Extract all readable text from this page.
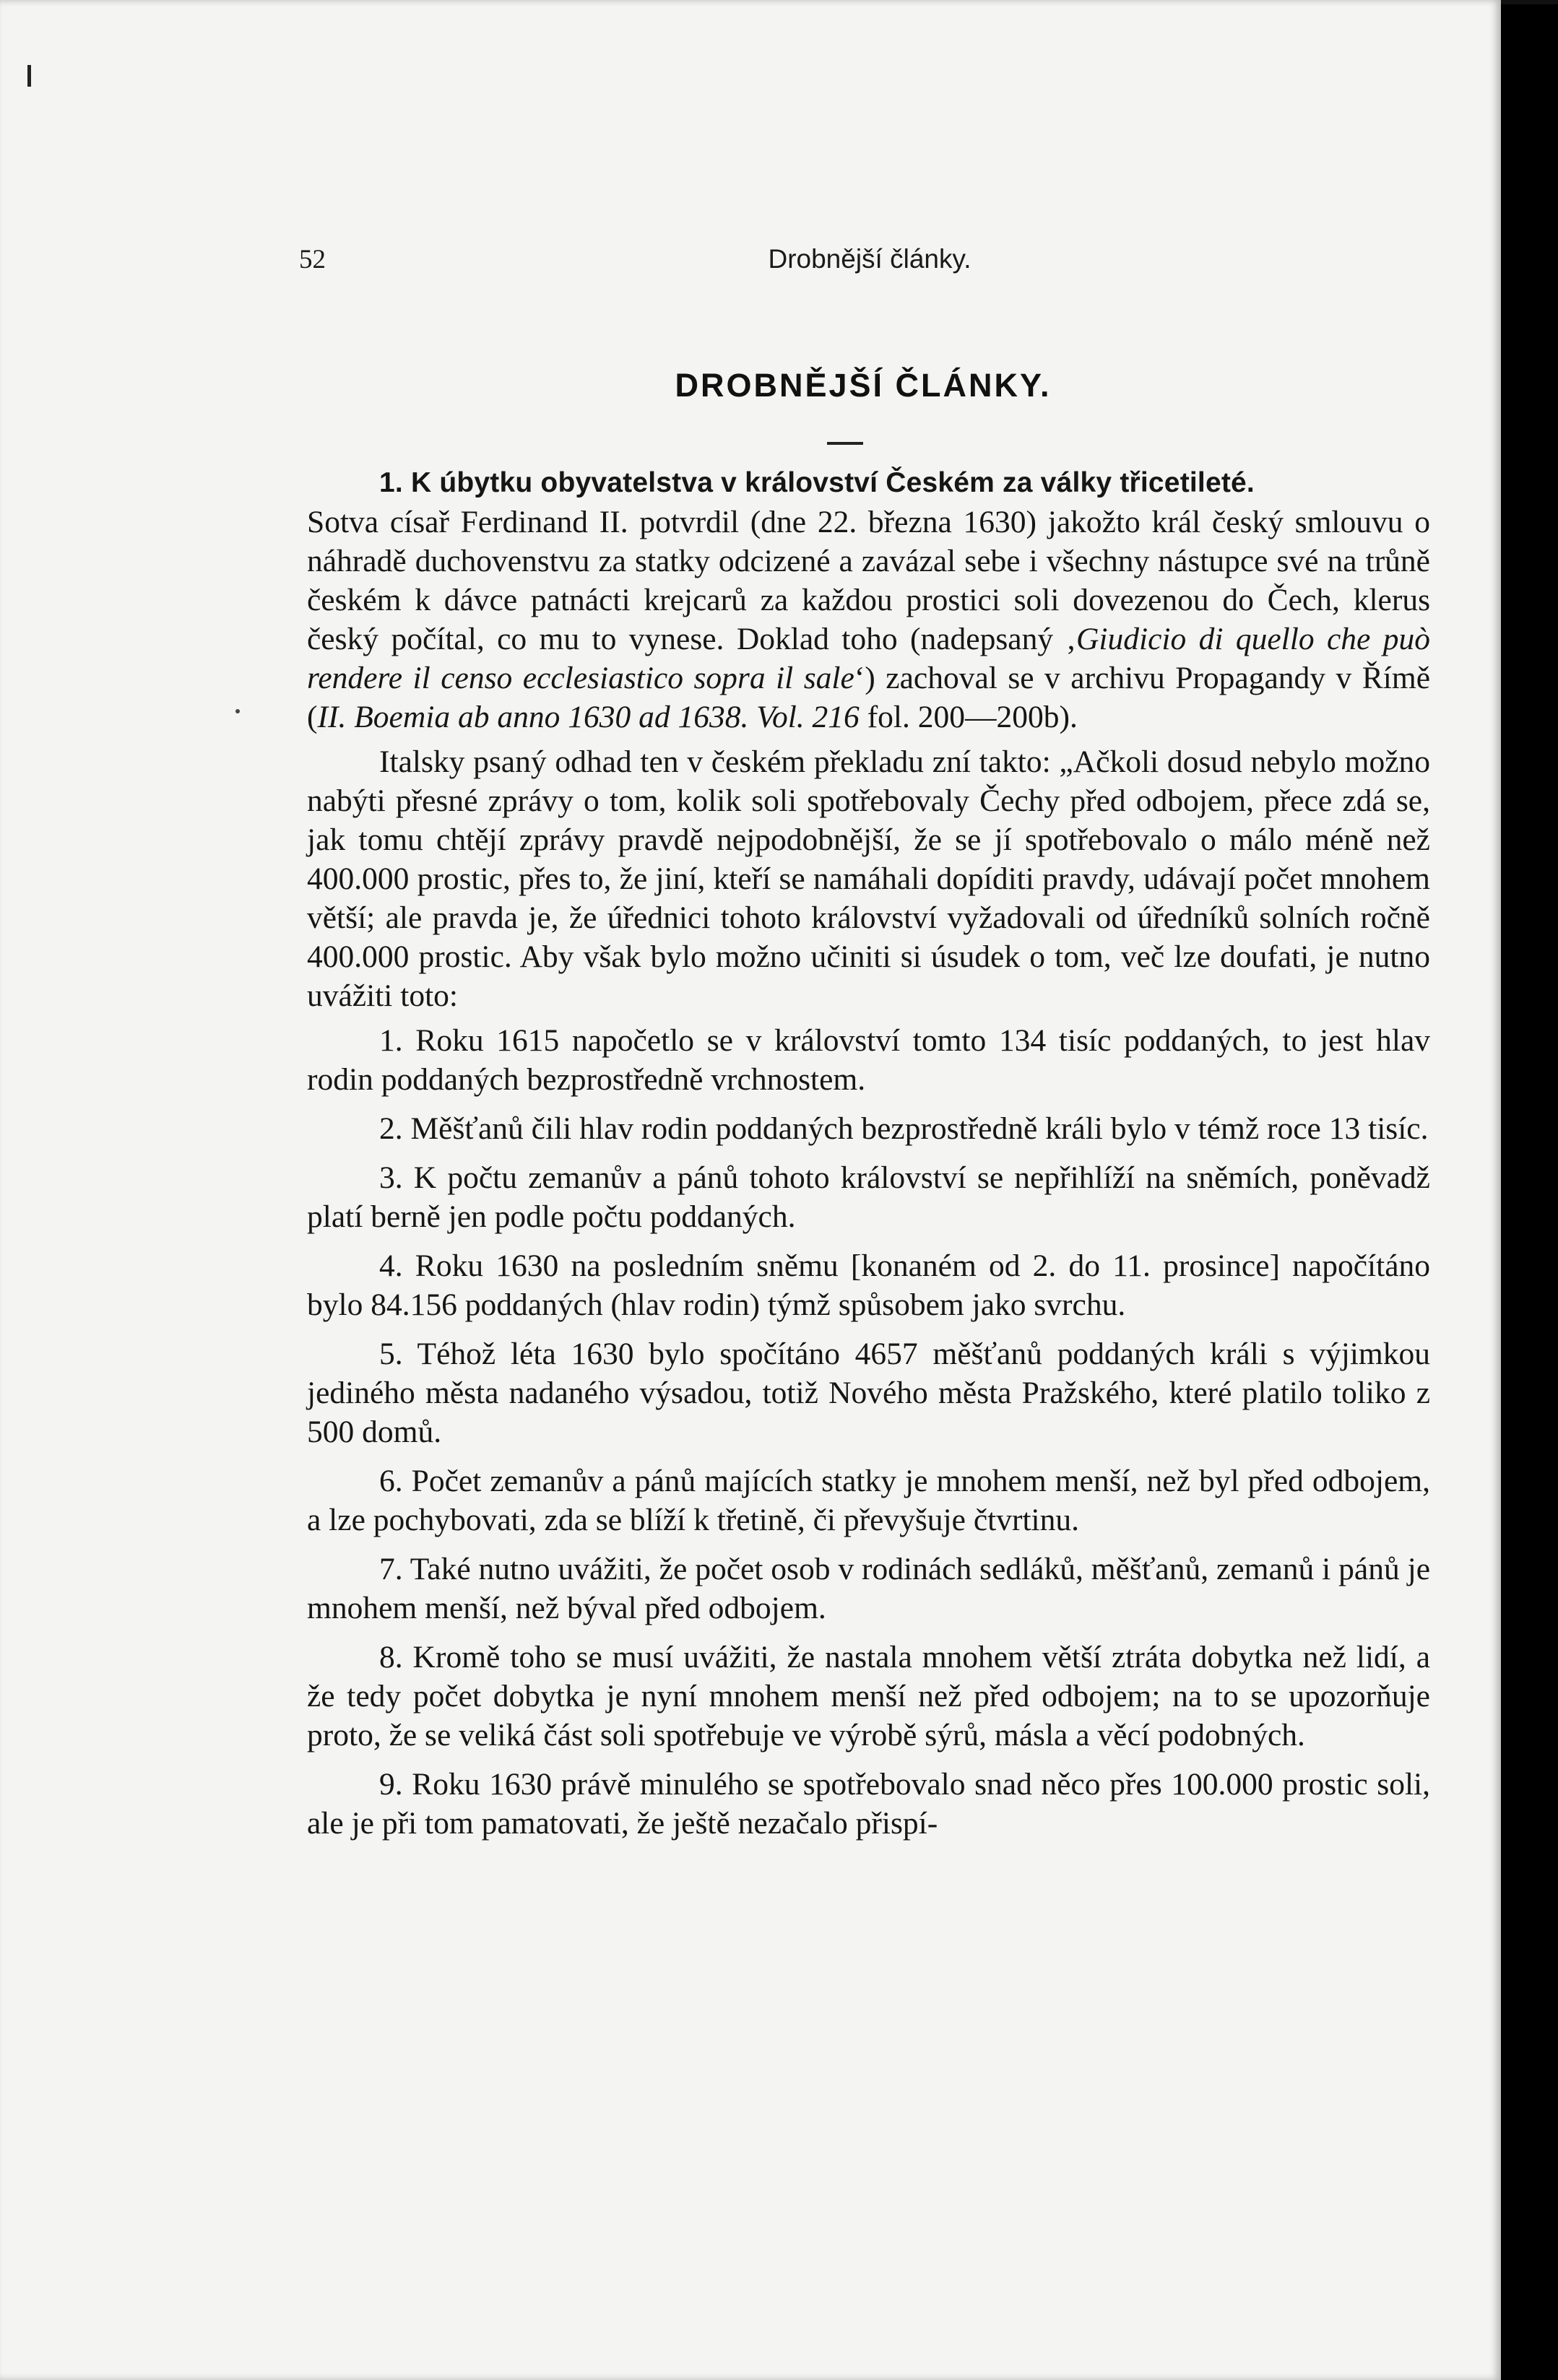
52	Drobnější články.
DROBNĚJŠÍ ČLÁNKY.

1. K úbytku obyvatelstva v království Českém za války třicetileté.
Sotva císař Ferdinand II. potvrdil (dne 22. března 1630) jakožto král český smlouvu o náhradě duchovenstvu za statky odcizené a zavázal sebe i všechny nástupce své na trůně českém k dávce patnácti krejcarů za každou prostici soli dovezenou do Čech, klerus český počítal, co mu to vynese. Doklad toho (nadepsaný ‚Giudicio di quello che può rendere il censo ecclesiastico sopra il sale‘) zachoval se v archivu Propagandy v Římě (II. Boemia ab anno 1630 ad 1638. Vol. 216 fol. 200—200b).

Italsky psaný odhad ten v českém překladu zní takto: „Ačkoli dosud nebylo možno nabýti přesné zprávy o tom, kolik soli spotřebovaly Čechy před odbojem, přece zdá se, jak tomu chtějí zprávy pravdě nejpodobnější, že se jí spotřebovalo o málo méně než 400.000 prostic, přes to, že jiní, kteří se namáhali dopíditi pravdy, udávají počet mnohem větší; ale pravda je, že úřednici tohoto království vyžadovali od úředníků solních ročně 400.000 prostic. Aby však bylo možno učiniti si úsudek o tom, več lze doufati, je nutno uvážiti toto:

1. Roku 1615 napočetlo se v království tomto 134 tisíc poddaných, to jest hlav rodin poddaných bezprostředně vrchnostem.

2. Měšťanů čili hlav rodin poddaných bezprostředně králi bylo v témž roce 13 tisíc.

3. K počtu zemanův a pánů tohoto království se nepřihlíží na sněmích, poněvadž platí berně jen podle počtu poddaných.

4. Roku 1630 na posledním sněmu [konaném od 2. do 11. prosince] napočítáno bylo 84.156 poddaných (hlav rodin) týmž spůsobem jako svrchu.

5. Téhož léta 1630 bylo spočítáno 4657 měšťanů poddaných králi s výjimkou jediného města nadaného výsadou, totiž Nového města Pražského, které platilo toliko z 500 domů.

6. Počet zemanův a pánů majících statky je mnohem menší, než byl před odbojem, a lze pochybovati, zda se blíží k třetině, či převyšuje čtvrtinu.

7. Také nutno uvážiti, že počet osob v rodinách sedláků, měšťanů, zemanů i pánů je mnohem menší, než býval před odbojem.

8. Kromě toho se musí uvážiti, že nastala mnohem větší ztráta dobytka než lidí, a že tedy počet dobytka je nyní mnohem menší než před odbojem; na to se upozorňuje proto, že se veliká část soli spotřebuje ve výrobě sýrů, másla a věcí podobných.

9. Roku 1630 právě minulého se spotřebovalo snad něco přes 100.000 prostic soli, ale je při tom pamatovati, že ještě nezačalo přispí-
